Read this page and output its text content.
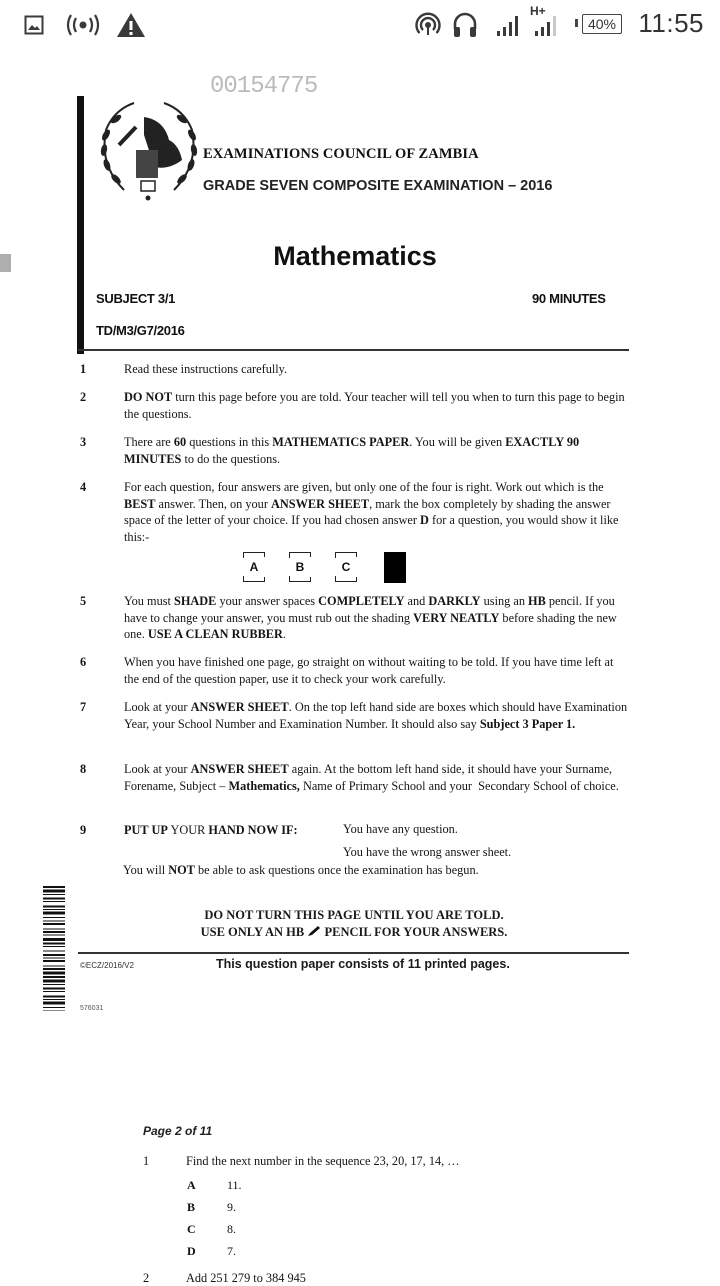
H+
40% 11:55
00154775
EXAMINATIONS COUNCIL OF ZAMBIA
GRADE SEVEN COMPOSITE EXAMINATION – 2016
Mathematics
SUBJECT 3/1	90 MINUTES
TD/M3/G7/2016
1	Read these instructions carefully.
2	DO NOT turn this page before you are told. Your teacher will tell you when to turn this page to begin the questions.
3	There are 60 questions in this MATHEMATICS PAPER. You will be given EXACTLY 90 MINUTES to do the questions.
4	For each question, four answers are given, but only one of the four is right. Work out which is the BEST answer. Then, on your ANSWER SHEET, mark the box completely by shading the answer space of the letter of your choice. If you had chosen answer D for a question, you would show it like this:-
A	B	C
5	You must SHADE your answer spaces COMPLETELY and DARKLY using an HB pencil. If you have to change your answer, you must rub out the shading VERY NEATLY before shading the new one. USE A CLEAN RUBBER.
6	When you have finished one page, go straight on without waiting to be told. If you have time left at the end of the question paper, use it to check your work carefully.
7	Look at your ANSWER SHEET. On the top left hand side are boxes which should have Examination Year, your School Number and Examination Number. It should also say Subject 3 Paper 1.
8	Look at your ANSWER SHEET again. At the bottom left hand side, it should have your Surname, Forename, Subject – Mathematics, Name of Primary School and your  Secondary School of choice.
9	PUT UP YOUR HAND NOW IF:	You have any question.
You have the wrong answer sheet.
You will NOT be able to ask questions once the examination has begun.
DO NOT TURN THIS PAGE UNTIL YOU ARE TOLD.
USE ONLY AN HB PENCIL FOR YOUR ANSWERS.
©ECZ/2016/V2	This question paper consists of 11 printed pages.
576031
Page 2 of 11
1	Find the next number in the sequence 23, 20, 17, 14, …
A	11.
B	9.
C	8.
D	7.
2	Add 251 279 to 384 945
